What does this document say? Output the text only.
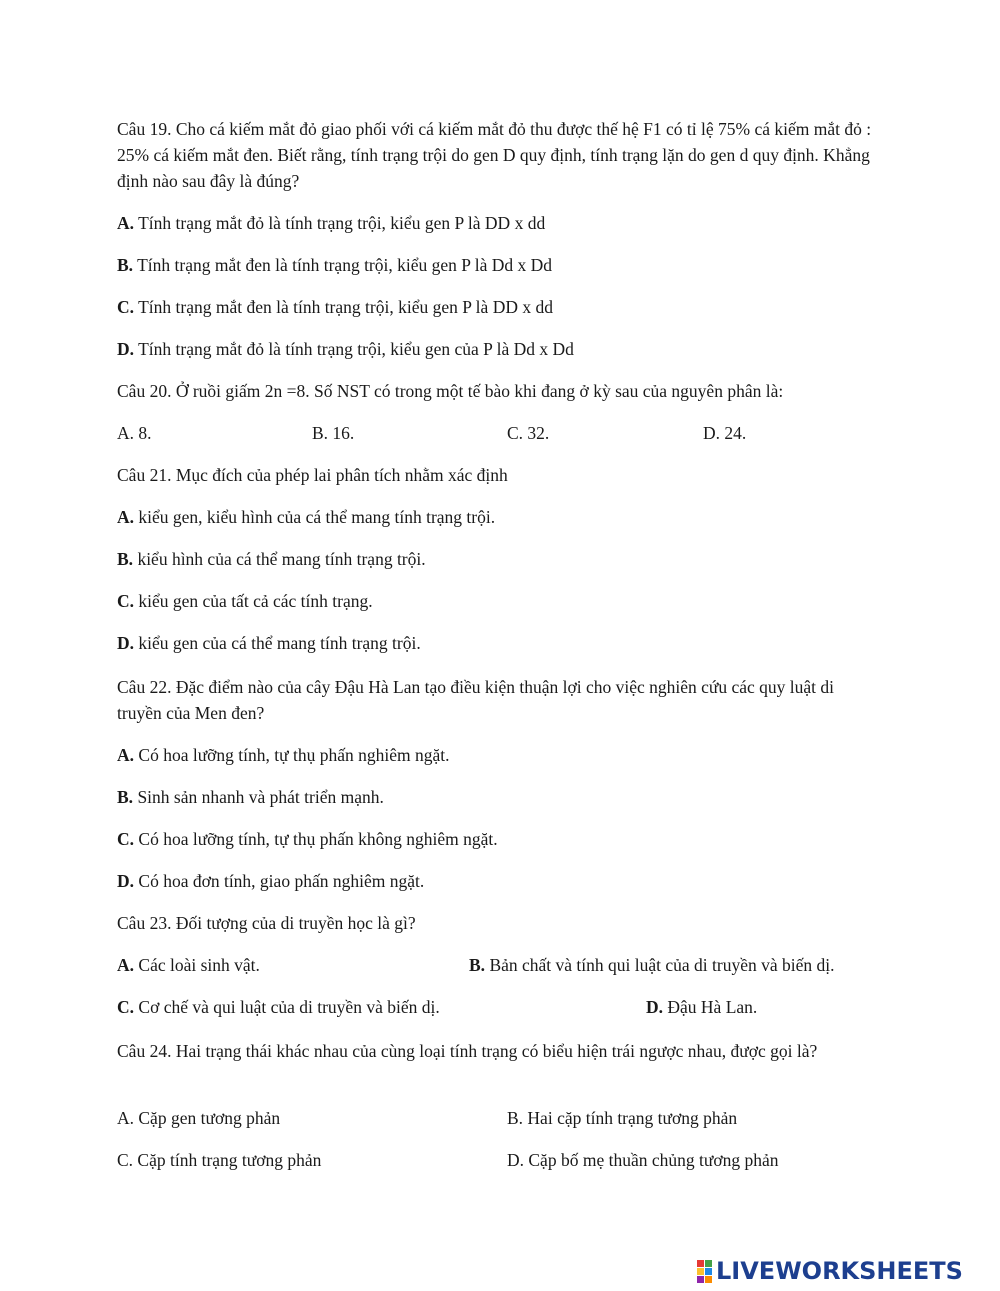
Câu 19. Cho cá kiếm mắt đỏ giao phối với cá kiếm mắt đỏ thu được thế hệ F1 có tỉ lệ 75% cá kiếm mắt đỏ : 25% cá kiếm mắt đen. Biết rằng, tính trạng trội do gen D quy định, tính trạng lặn do gen d quy định. Khẳng định nào sau đây là đúng?
A. Tính trạng mắt đỏ là tính trạng trội, kiểu gen P là DD x dd
B. Tính trạng mắt đen là tính trạng trội, kiểu gen P là Dd x Dd
C. Tính trạng mắt đen là tính trạng trội, kiểu gen P là DD x dd
D. Tính trạng mắt đỏ là tính trạng trội, kiểu gen của P là Dd x Dd
Câu 20. Ở ruồi giấm 2n =8. Số NST có trong một tế bào khi đang ở kỳ sau của nguyên phân là:
A. 8.	B. 16.	C. 32.	D. 24.
Câu 21. Mục đích của phép lai phân tích nhằm xác định
A. kiểu gen, kiểu hình của cá thể mang tính trạng trội.
B. kiểu hình của cá thể mang tính trạng trội.
C. kiểu gen của tất cả các tính trạng.
D. kiểu gen của cá thể mang tính trạng trội.
Câu 22. Đặc điểm nào của cây Đậu Hà Lan tạo điều kiện thuận lợi cho việc nghiên cứu các quy luật di truyền của Men đen?
A. Có hoa lưỡng tính, tự thụ phấn nghiêm ngặt.
B. Sinh sản nhanh và phát triển mạnh.
C. Có hoa lưỡng tính, tự thụ phấn không nghiêm ngặt.
D. Có hoa đơn tính, giao phấn nghiêm ngặt.
Câu 23. Đối tượng của di truyền học là gì?
A. Các loài sinh vật.	B. Bản chất và tính qui luật của di truyền và biến dị.
C. Cơ chế và qui luật của di truyền và biến dị.	D. Đậu Hà Lan.
Câu 24. Hai trạng thái khác nhau của cùng loại tính trạng có biểu hiện trái ngược nhau, được gọi là?
A. Cặp gen tương phản	B. Hai cặp tính trạng tương phản
C. Cặp tính trạng tương phản	D. Cặp bố mẹ thuần chủng tương phản
LIVEWORKSHEETS
